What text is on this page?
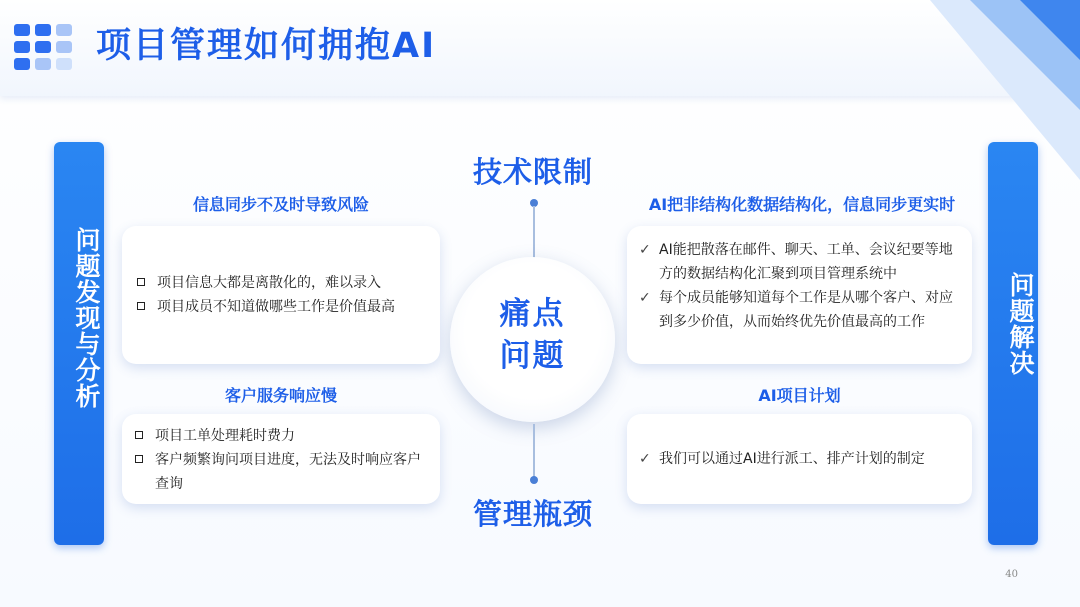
项目管理如何拥抱AI
问题发现与分析	问题解决
技术限制
痛点
问题
管理瓶颈
信息同步不及时导致风险
项目信息大都是离散化的，难以录入
项目成员不知道做哪些工作是价值最高
客户服务响应慢
项目工单处理耗时费力
客户频繁询问项目进度，无法及时响应客户查询
AI把非结构化数据结构化，信息同步更实时
✓ AI能把散落在邮件、聊天、工单、会议纪要等地方的数据结构化汇聚到项目管理系统中
✓ 每个成员能够知道每个工作是从哪个客户、对应到多少价值，从而始终优先价值最高的工作
AI项目计划
✓ 我们可以通过AI进行派工、排产计划的制定
40
